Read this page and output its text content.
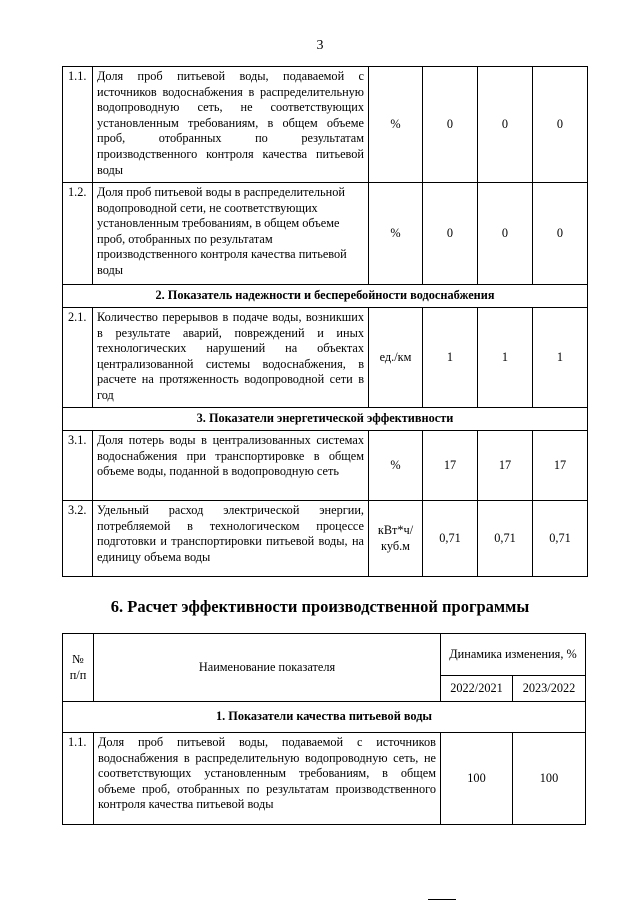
3
1.1.	Доля проб питьевой воды, подаваемой с источников водоснабжения в распределительную водопроводную сеть, не соответствующих установленным требованиям, в общем объеме проб, отобранных по результатам производственного контроля качества питьевой воды	%	0	0	0
1.2.	Доля проб питьевой воды в распределительной водопроводной сети, не соответствующих установленным требованиям, в общем объеме проб, отобранных по результатам производственного контроля качества питьевой воды	%	0	0	0
2. Показатель надежности и бесперебойности водоснабжения					
2.1.	Количество перерывов в подаче воды, возникших в результате аварий, повреждений и иных технологических нарушений на объектах централизованной системы водоснабжения, в расчете на протяженность водопроводной сети в год	ед./км	1	1	1
3. Показатели энергетической эффективности					
3.1.	Доля потерь воды в централизованных системах водоснабжения при транспортировке в общем объеме воды, поданной в водопроводную сеть	%	17	17	17
3.2.	Удельный расход электрической энергии, потребляемой в технологическом процессе подготовки и транспортировки питьевой воды, на единицу объема воды	кВт*ч/ куб.м	0,71	0,71	0,71
6. Расчет эффективности производственной программы
№ п/п	Наименование показателя	Динамика изменения, %	
		2022/2021	2023/2022
1. Показатели качества питьевой воды			
1.1.	Доля проб питьевой воды, подаваемой с источников водоснабжения в распределительную водопроводную сеть, не соответствующих установленным требованиям, в общем объеме проб, отобранных по результатам производственного контроля качества питьевой воды	100	100
